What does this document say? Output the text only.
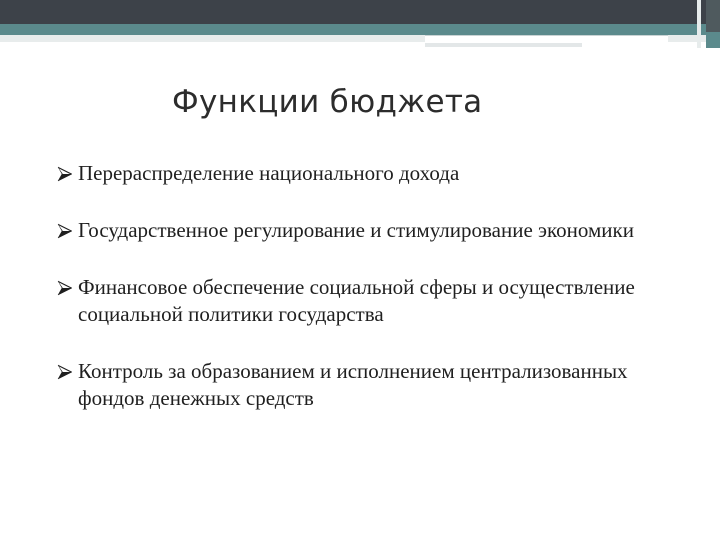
Функции бюджета
Перераспределение национального дохода
Государственное регулирование и стимулирование экономики
Финансовое обеспечение социальной сферы и осуществление социальной политики государства
Контроль за образованием и исполнением централизованных фондов денежных средств
